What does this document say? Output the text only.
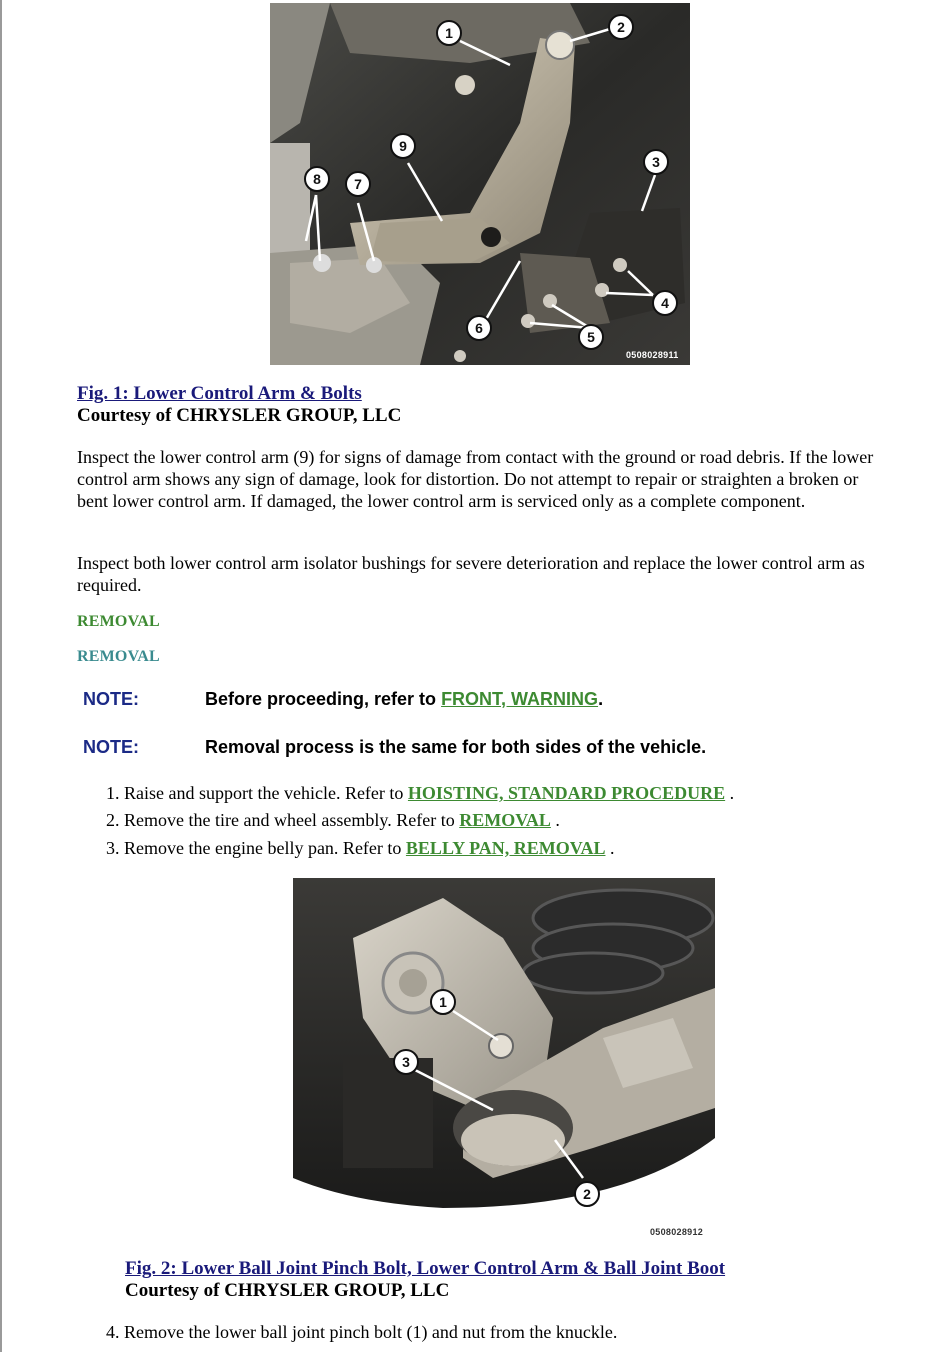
1	2
3
4
5
6
7
8
9
0508028911
Fig. 1: Lower Control Arm & Bolts
Courtesy of CHRYSLER GROUP, LLC
Inspect the lower control arm (9) for signs of damage from contact with the ground or road debris. If the lower control arm shows any sign of damage, look for distortion. Do not attempt to repair or straighten a broken or bent lower control arm. If damaged, the lower control arm is serviced only as a complete component.
Inspect both lower control arm isolator bushings for severe deterioration and replace the lower control arm as required.
REMOVAL
REMOVAL
NOTE:	Before proceeding, refer to FRONT, WARNING.
NOTE:	Removal process is the same for both sides of the vehicle.
1. Raise and support the vehicle. Refer to HOISTING, STANDARD PROCEDURE .
2. Remove the tire and wheel assembly. Refer to REMOVAL .
3. Remove the engine belly pan. Refer to BELLY PAN, REMOVAL .
1
2
3
0508028912
Fig. 2: Lower Ball Joint Pinch Bolt, Lower Control Arm & Ball Joint Boot
Courtesy of CHRYSLER GROUP, LLC
4. Remove the lower ball joint pinch bolt (1) and nut from the knuckle.
